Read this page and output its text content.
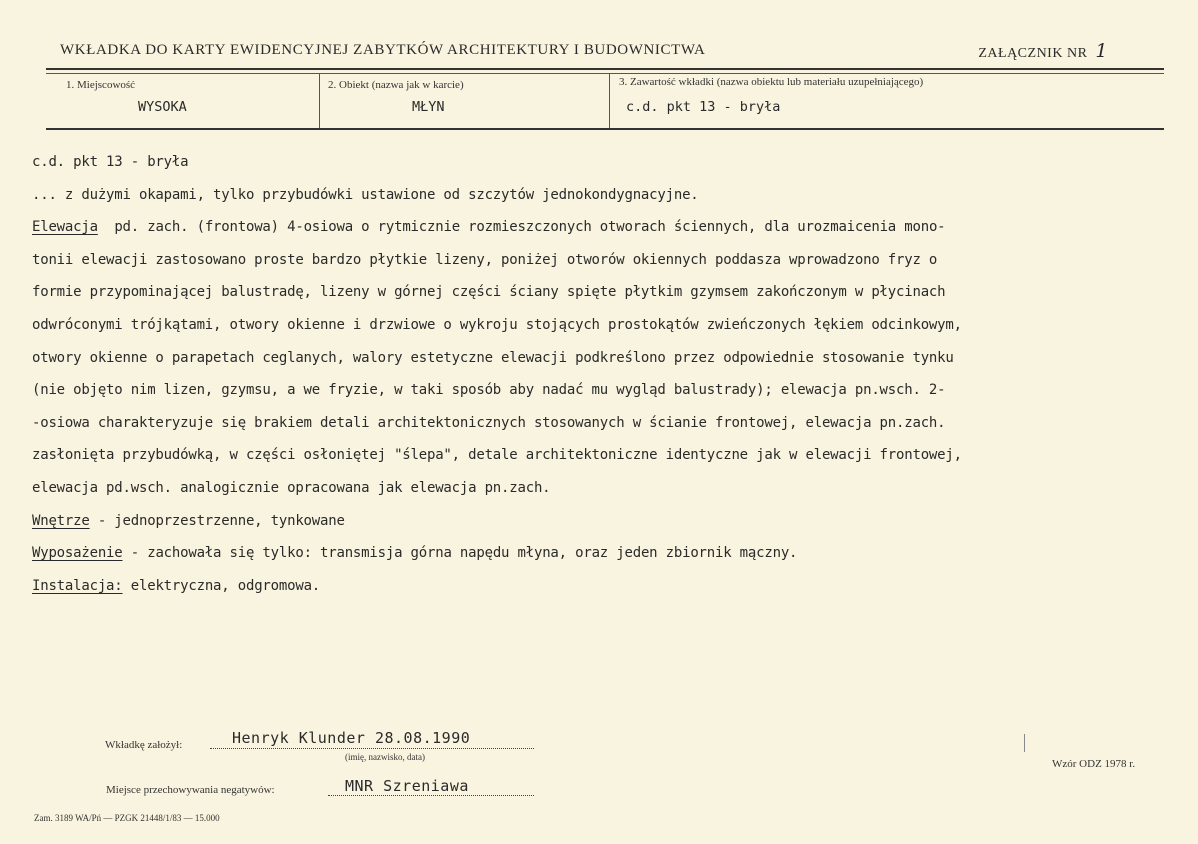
WKŁADKA DO KARTY EWIDENCYJNEJ ZABYTKÓW ARCHITEKTURY I BUDOWNICTWA	ZAŁĄCZNIK NR 1
1. Miejscowość
WYSOKA
2. Obiekt (nazwa jak w karcie)
MŁYN
3. Zawartość wkładki (nazwa obiektu lub materiału uzupełniającego)
c.d. pkt 13 - bryła
c.d. pkt 13 - bryła
... z dużymi okapami, tylko przybudówki ustawione od szczytów jednokondygnacyjne.
Elewacja pd. zach. (frontowa) 4-osiowa o rytmicznie rozmieszczonych otworach ściennych, dla urozmaicenia mono-
tonii elewacji zastosowano proste bardzo płytkie lizeny, poniżej otworów okiennych poddasza wprowadzono fryz o
formie przypominającej balustradę, lizeny w górnej części ściany spięte płytkim gzymsem zakończonym w płycinach
odwróconymi trójkątami, otwory okienne i drzwiowe o wykroju stojących prostokątów zwieńczonych łękiem odcinkowym,
otwory okienne o parapetach ceglanych, walory estetyczne elewacji podkreślono przez odpowiednie stosowanie tynku
(nie objęto nim lizen, gzymsu, a we fryzie, w taki sposób aby nadać mu wygląd balustrady); elewacja pn.wsch. 2-
-osiowa charakteryzuje się brakiem detali architektonicznych stosowanych w ścianie frontowej, elewacja pn.zach.
zasłonięta przybudówką, w części osłoniętej "ślepa", detale architektoniczne identyczne jak w elewacji frontowej,
elewacja pd.wsch. analogicznie opracowana jak elewacja pn.zach.
Wnętrze - jednoprzestrzenne, tynkowane
Wyposażenie - zachowała się tylko: transmisja górna napędu młyna, oraz jeden zbiornik mączny.
Instalacja: elektryczna, odgromowa.
Wkładkę założył:	Henryk Klunder 28.08.1990
(imię, nazwisko, data)
Miejsce przechowywania negatywów:	MNR Szreniawa
Zam. 3189 WA/Pń — PZGK 21448/1/83 — 15.000
Wzór ODZ 1978 r.
